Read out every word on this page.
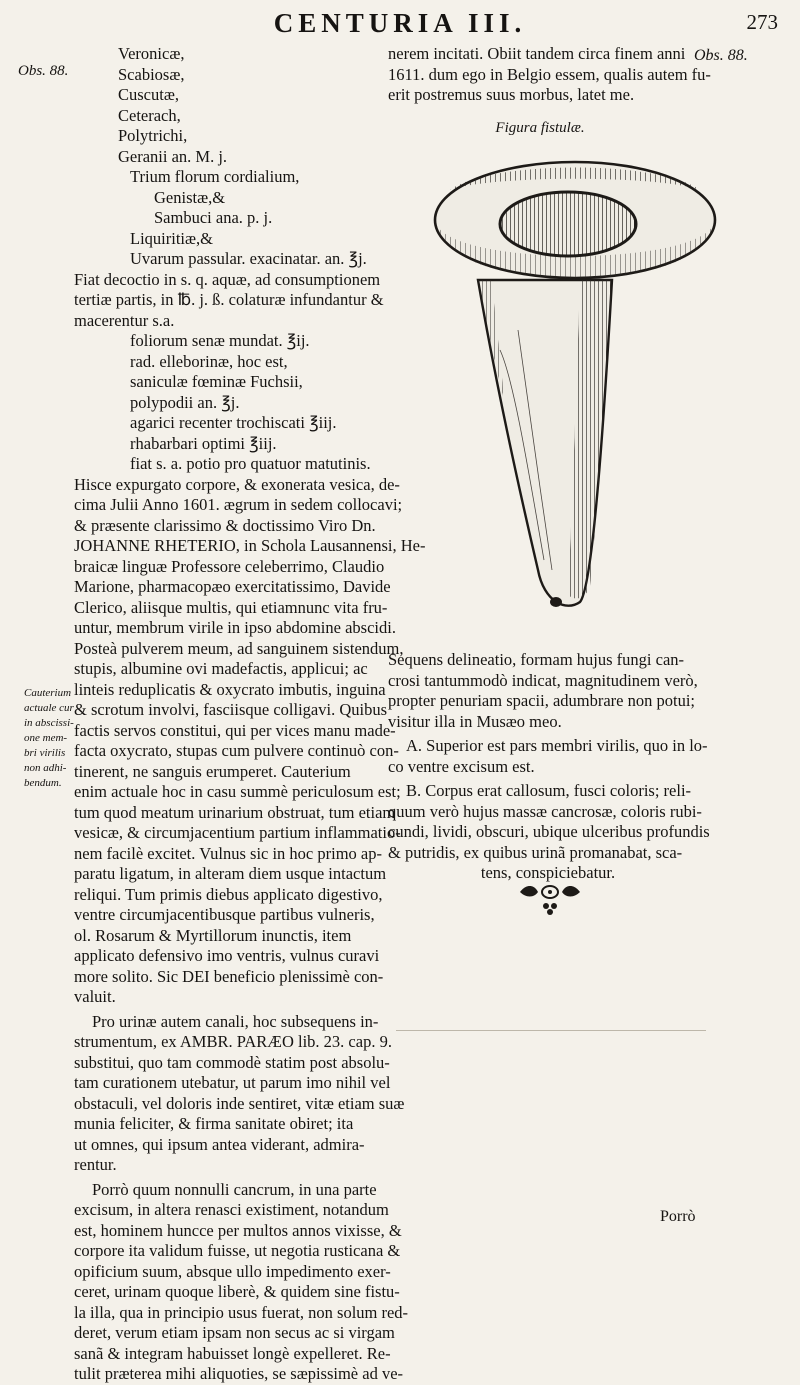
CENTURIA III.	273
Obs. 88.
Obs. 88.
Cauterium
actuale cur
in abscissi-
one mem-
bri virilis
non adhi-
bendum.
Veronicæ,
Scabiosæ,
Cuscutæ,
Ceterach,
Polytrichi,
Geranii an. M. j.
Trium florum cordialium,
Genistæ,&
Sambuci ana. p. j.
Liquiritiæ,&
Uvarum passular. exacinatar. an. ℥j.
Fiat decoctio in s. q. aquæ, ad consumptionem
tertiæ partis, in ℔. j. ß. colaturæ infundantur &
macerentur s.a.
foliorum senæ mundat. ℥ij.
rad. elleborinæ, hoc est,
saniculæ fœminæ Fuchsii,
polypodii an. ℥j.
agarici recenter trochiscati ℥iij.
rhabarbari optimi ℥iij.
fiat s. a. potio pro quatuor matutinis.
Hisce expurgato corpore, & exonerata vesica, de-
cima Julii Anno 1601. ægrum in sedem collocavi;
& præsente clarissimo & doctissimo Viro Dn.
JOHANNE RHETERIO, in Schola Lausannensi, He-
braicæ linguæ Professore celeberrimo, Claudio
Marione, pharmacopæo exercitatissimo, Davide
Clerico, aliisque multis, qui etiamnunc vita fru-
untur, membrum virile in ipso abdomine abscidi.
Posteà pulverem meum, ad sanguinem sistendum,
stupis, albumine ovi madefactis, applicui; ac
linteis reduplicatis & oxycrato imbutis, inguina
& scrotum involvi, fasciisque colligavi. Quibus
factis servos constitui, qui per vices manu made-
facta oxycrato, stupas cum pulvere continuò con-
tinerent, ne sanguis erumperet. Cauterium
enim actuale hoc in casu summè periculosum est;
tum quod meatum urinarium obstruat, tum etiam
vesicæ, & circumjacentium partium inflammatio-
nem facilè excitet. Vulnus sic in hoc primo ap-
paratu ligatum, in alteram diem usque intactum
reliqui. Tum primis diebus applicato digestivo,
ventre circumjacentibusque partibus vulneris,
ol. Rosarum & Myrtillorum inunctis, item
applicato defensivo imo ventris, vulnus curavi
more solito. Sic DEI beneficio plenissimè con-
valuit.
Pro urinæ autem canali, hoc subsequens in-
strumentum, ex AMBR. PARÆO lib. 23. cap. 9.
substitui, quo tam commodè statim post absolu-
tam curationem utebatur, ut parum imo nihil vel
obstaculi, vel doloris inde sentiret, vitæ etiam suæ
munia feliciter, & firma sanitate obiret; ita
ut omnes, qui ipsum antea viderant, admira-
rentur.
Porrò quum nonnulli cancrum, in una parte
excisum, in altera renasci existiment, notandum
est, hominem huncce per multos annos vixisse, &
corpore ita validum fuisse, ut negotia rusticana &
opificium suum, absque ullo impedimento exer-
ceret, urinam quoque liberè, & quidem sine fistu-
la illa, qua in principio usus fuerat, non solum red-
deret, verum etiam ipsam non secus ac si virgam
sanã & integram habuisset longè expelleret. Re-
tulit præterea mihi aliquoties, se sæpissimè ad ve-
nerem incitati. Obiit tandem circa finem anni
1611. dum ego in Belgio essem, qualis autem fu-
erit postremus suus morbus, latet me.
Figura fistulæ.
Sequens delineatio, formam hujus fungi can-
crosi tantummodò indicat, magnitudinem verò,
propter penuriam spacii, adumbrare non potui;
visitur illa in Musæo meo.
A. Superior est pars membri virilis, quo in lo-
co ventre excisum est.
B. Corpus erat callosum, fusci coloris; reli-
quum verò hujus massæ cancrosæ, coloris rubi-
cundi, lividi, obscuri, ubique ulceribus profundis
& putridis, ex quibus urinã promanabat, sca-
tens, conspiciebatur.
Porrò
